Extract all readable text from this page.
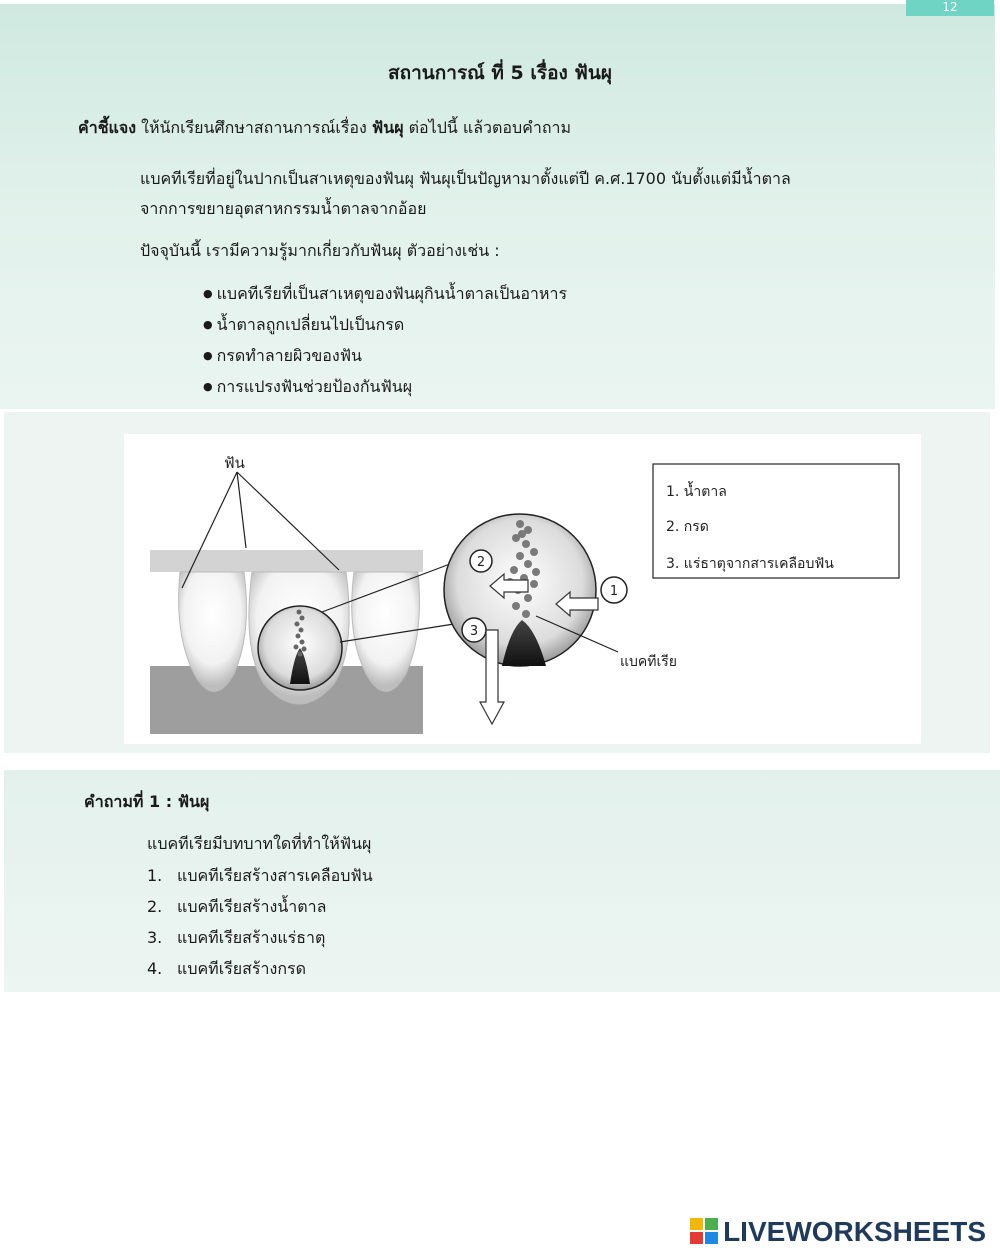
12
สถานการณ์ ที่ 5 เรื่อง ฟันผุ
คำชี้แจง ให้นักเรียนศึกษาสถานการณ์เรื่อง ฟันผุ ต่อไปนี้ แล้วตอบคำถาม
แบคทีเรียที่อยู่ในปากเป็นสาเหตุของฟันผุ ฟันผุเป็นปัญหามาตั้งแต่ปี ค.ศ.1700 นับตั้งแต่มีน้ำตาล
จากการขยายอุตสาหกรรมน้ำตาลจากอ้อย
ปัจจุบันนี้ เรามีความรู้มากเกี่ยวกับฟันผุ ตัวอย่างเช่น :
● แบคทีเรียที่เป็นสาเหตุของฟันผุกินน้ำตาลเป็นอาหาร
● น้ำตาลถูกเปลี่ยนไปเป็นกรด
● กรดทำลายผิวของฟัน
● การแปรงฟันช่วยป้องกันฟันผุ
ฟัน
1
2
3
แบคทีเรีย
1. น้ำตาล
2. กรด
3. แร่ธาตุจากสารเคลือบฟัน
คำถามที่ 1 : ฟันผุ
แบคทีเรียมีบทบาทใดที่ทำให้ฟันผุ
1. แบคทีเรียสร้างสารเคลือบฟัน
2. แบคทีเรียสร้างน้ำตาล
3. แบคทีเรียสร้างแร่ธาตุ
4. แบคทีเรียสร้างกรด
LIVEWORKSHEETS
